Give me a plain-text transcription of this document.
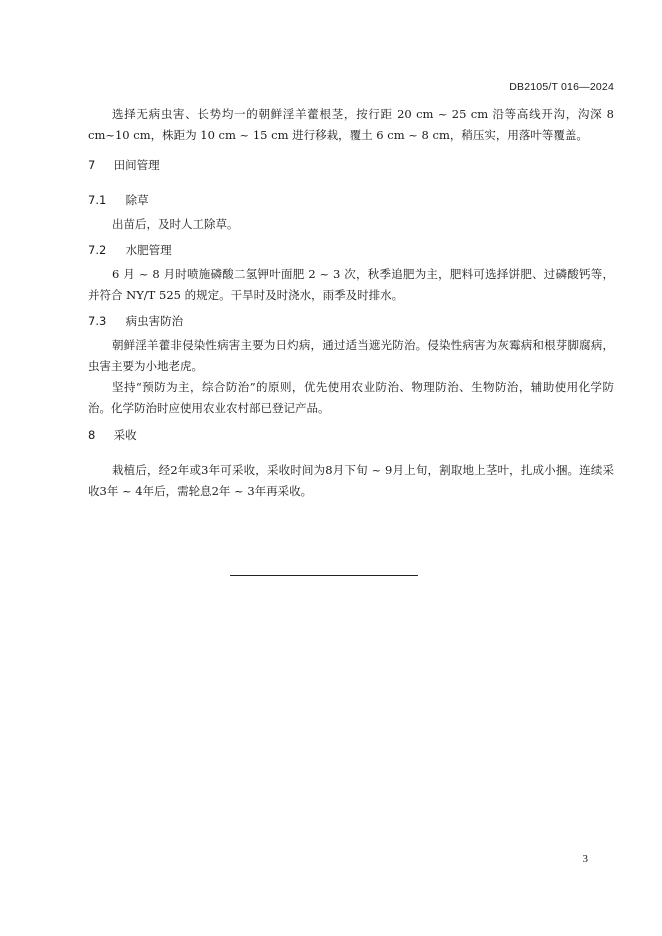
DB2105/T 016—2024

选择无病虫害、长势均一的朝鲜淫羊藿根茎，按行距 20 cm ~ 25 cm 沿等高线开沟，沟深 8 cm~10 cm，株距为 10 cm ~ 15 cm 进行移栽，覆土 6 cm ~ 8 cm，稍压实，用落叶等覆盖。

7 田间管理
7.1 除草

出苗后，及时人工除草。

7.2 水肥管理

6 月 ~ 8 月时喷施磷酸二氢钾叶面肥 2 ~ 3 次，秋季追肥为主，肥料可选择饼肥、过磷酸钙等，并符合 NY/T 525 的规定。干旱时及时浇水，雨季及时排水。

7.3 病虫害防治

朝鲜淫羊藿非侵染性病害主要为日灼病，通过适当遮光防治。侵染性病害为灰霉病和根芽脚腐病，虫害主要为小地老虎。

坚持“预防为主，综合防治”的原则，优先使用农业防治、物理防治、生物防治，辅助使用化学防治。化学防治时应使用农业农村部已登记产品。

8 采收

栽植后，经2年或3年可采收，采收时间为8月下旬 ~ 9月上旬，割取地上茎叶，扎成小捆。连续采收3年 ~ 4年后，需轮息2年 ~ 3年再采收。

3
